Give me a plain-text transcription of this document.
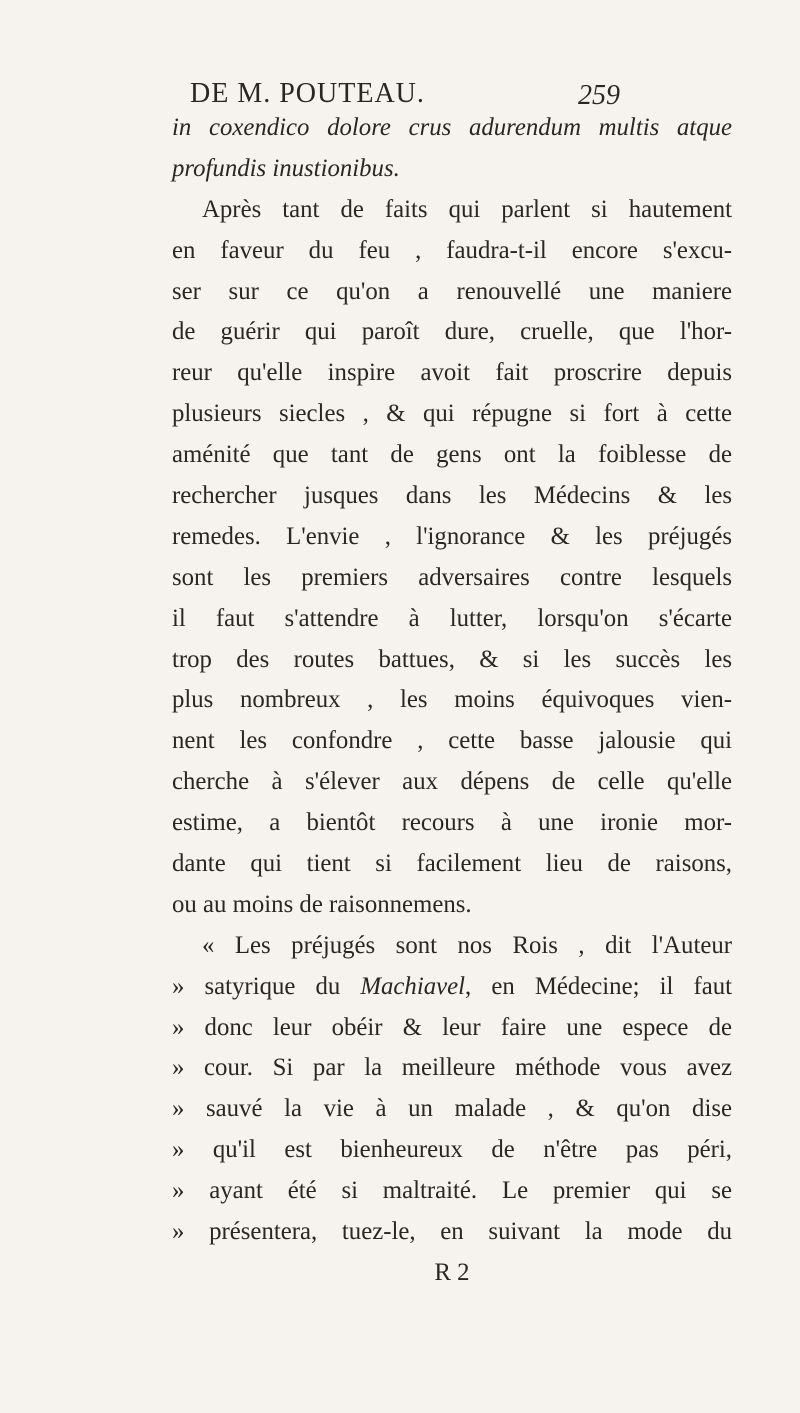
DE M. POUTEAU.	259
in coxendico dolore crus adurendum multis atque
profundis inustionibus.
Après tant de faits qui parlent si hautement
en faveur du feu , faudra-t-il encore s'excu-
ser sur ce qu'on a renouvellé une maniere
de guérir qui paroît dure, cruelle, que l'hor-
reur qu'elle inspire avoit fait proscrire depuis
plusieurs siecles , & qui répugne si fort à cette
aménité que tant de gens ont la foiblesse de
rechercher jusques dans les Médecins & les
remedes. L'envie , l'ignorance & les préjugés
sont les premiers adversaires contre lesquels
il faut s'attendre à lutter, lorsqu'on s'écarte
trop des routes battues, & si les succès les
plus nombreux , les moins équivoques vien-
nent les confondre , cette basse jalousie qui
cherche à s'élever aux dépens de celle qu'elle
estime, a bientôt recours à une ironie mor-
dante qui tient si facilement lieu de raisons,
ou au moins de raisonnemens.
« Les préjugés sont nos Rois , dit l'Auteur
» satyrique du Machiavel, en Médecine; il faut
» donc leur obéir & leur faire une espece de
» cour. Si par la meilleure méthode vous avez
» sauvé la vie à un malade , & qu'on dise
» qu'il est bienheureux de n'être pas péri,
» ayant été si maltraité. Le premier qui se
» présentera, tuez-le, en suivant la mode du
R 2
